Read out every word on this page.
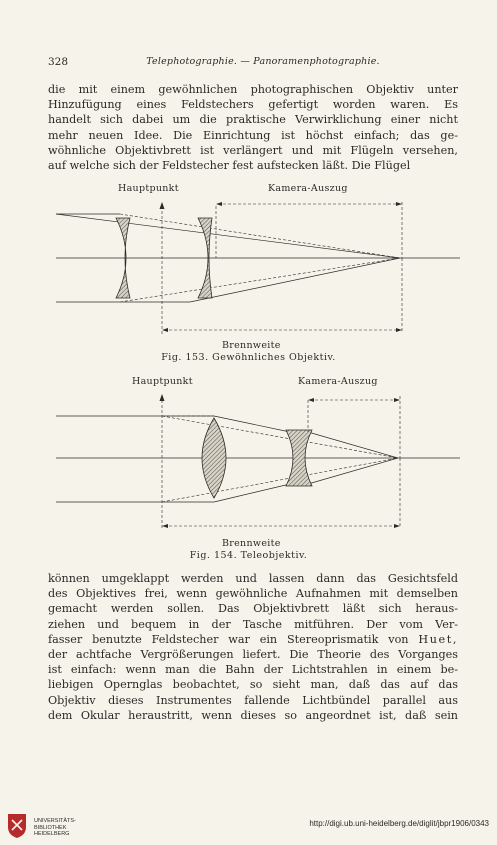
328	Telephotographie. — Panoramenphotographie.
die mit einem gewöhnlichen photographischen Objektiv unter
Hinzufügung eines Feldstechers gefertigt worden waren. Es
handelt sich dabei um die praktische Verwirklichung einer nicht
mehr neuen Idee. Die Einrichtung ist höchst einfach; das ge-
wöhnliche Objektivbrett ist verlängert und mit Flügeln versehen,
auf welche sich der Feldstecher fest aufstecken läßt. Die Flügel
Hauptpunkt	Kamera-Auszug
Brennweite
Fig. 153. Gewöhnliches Objektiv.
Hauptpunkt	Kamera-Auszug
Brennweite
Fig. 154. Teleobjektiv.
können umgeklappt werden und lassen dann das Gesichtsfeld
des Objektives frei, wenn gewöhnliche Aufnahmen mit demselben
gemacht werden sollen. Das Objektivbrett läßt sich heraus-
ziehen und bequem in der Tasche mitführen. Der vom Ver-
fasser benutzte Feldstecher war ein Stereoprismatik von Huet,
der achtfache Vergrößerungen liefert. Die Theorie des Vorganges
ist einfach: wenn man die Bahn der Lichtstrahlen in einem be-
liebigen Opernglas beobachtet, so sieht man, daß das auf das
Objektiv dieses Instrumentes fallende Lichtbündel parallel aus
dem Okular heraustritt, wenn dieses so angeordnet ist, daß sein
UNIVERSITÄTS-
BIBLIOTHEK
HEIDELBERG
http://digi.ub.uni-heidelberg.de/diglit/jbpr1906/0343
